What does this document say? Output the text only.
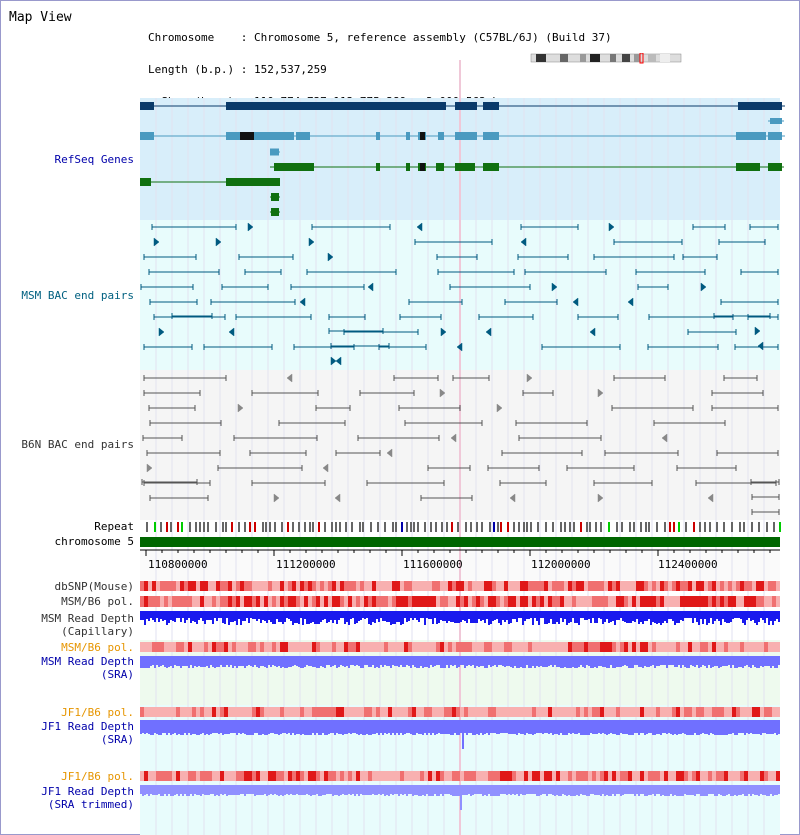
Map View

Chromosome    : Chromosome 5, reference assembly (C57BL/6J) (Build 37)

Length (b.p.) : 152,537,259

RefSeq Genes
MSM BAC end pairs
B6N BAC end pairs
Repeat
chromosome 5
dbSNP(Mouse)
MSM/B6 pol.
MSM Read Depth
(Capillary)
MSM/B6 pol.
MSM Read Depth
(SRA)
JF1/B6 pol.
JF1 Read Depth
(SRA)
JF1/B6 pol.
JF1 Read Depth
(SRA trimmed)
110800000	111200000	111600000	112000000	112400000
